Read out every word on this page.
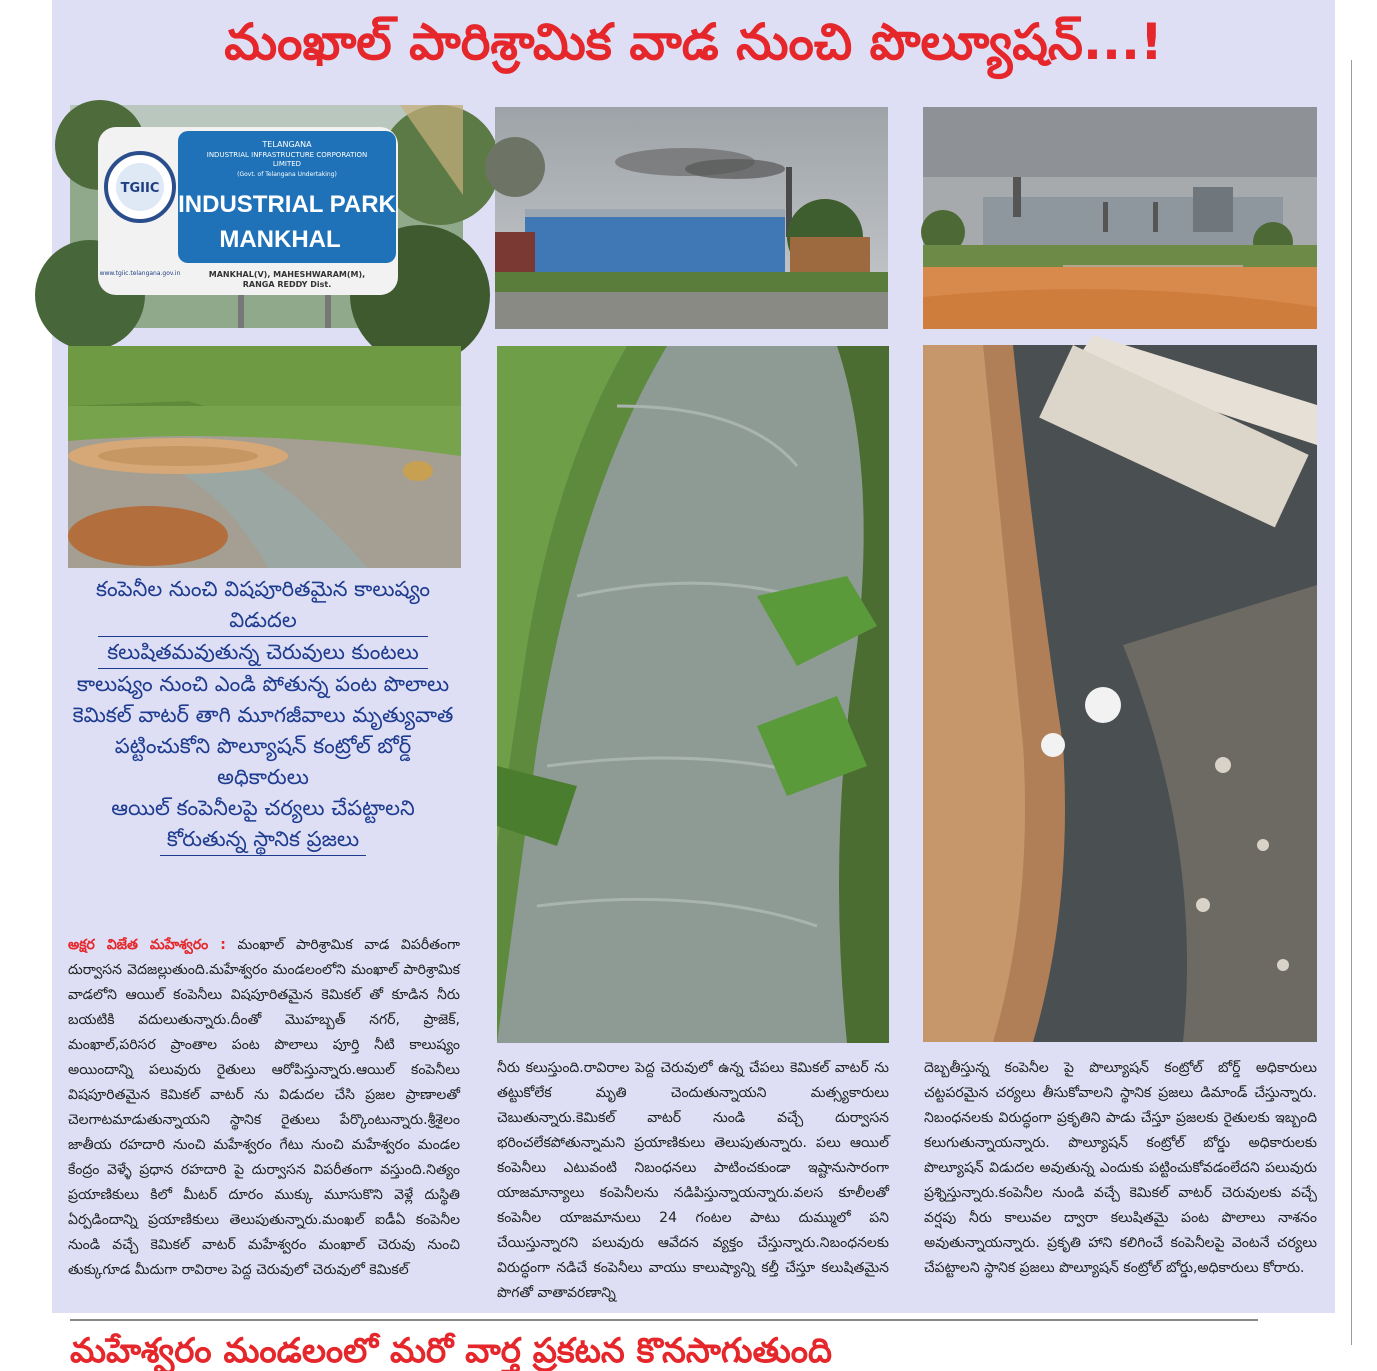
మంఖాల్ పారిశ్రామిక వాడ నుంచి పొల్యూషన్...!
TGIIC
TELANGANA
INDUSTRIAL INFRASTRUCTURE CORPORATION
LIMITED
(Govt. of Telangana Undertaking)
INDUSTRIAL PARK
MANKHAL
www.tgiic.telangana.gov.in	MANKHAL(V), MAHESHWARAM(M),
RANGA REDDY Dist.
కంపెనీల నుంచి విషపూరితమైన కాలుష్యం విడుదల
కలుషితమవుతున్న చెరువులు కుంటలు
కాలుష్యం నుంచి ఎండి పోతున్న పంట పొలాలు
కెమికల్ వాటర్ తాగి మూగజీవాలు మృత్యువాత
పట్టించుకోని పొల్యూషన్ కంట్రోల్ బోర్డ్ అధికారులు
ఆయిల్ కంపెనీలపై చర్యలు చేపట్టాలని కోరుతున్న స్థానిక ప్రజలు

అక్షర విజేత మహేశ్వరం : మంఖాల్ పారిశ్రామిక వాడ విపరీతంగా దుర్వాసన వెదజల్లుతుంది.మహేశ్వరం మండలంలోని మంఖాల్ పారిశ్రామిక వాడలోని ఆయిల్ కంపెనీలు విషపూరితమైన కెమికల్ తో కూడిన నీరు బయటికి వదులుతున్నారు.దీంతో మొహబ్బత్ నగర్, ప్రాజెక్, మంఖాల్,పరిసర ప్రాంతాల పంట పొలాలు పూర్తి నీటి కాలుష్యం అయిందాన్ని పలువురు రైతులు ఆరోపిస్తున్నారు.ఆయిల్ కంపెనీలు విషపూరితమైన కెమికల్ వాటర్ ను విడుదల చేసి ప్రజల ప్రాణాలతో చెలగాటమాడుతున్నాయని స్థానిక రైతులు పేర్కొంటున్నారు.శ్రీశైలం జాతీయ రహదారి నుంచి మహేశ్వరం గేటు నుంచి మహేశ్వరం మండల కేంద్రం వెళ్ళే ప్రధాన రహదారి పై దుర్వాసన విపరీతంగా వస్తుంది.నిత్యం ప్రయాణికులు కిలో మీటర్ దూరం ముక్కు మూసుకొని వెళ్లే దుస్థితి ఏర్పడిందాన్ని ప్రయాణికులు తెలుపుతున్నారు.మంఖల్ ఐడీఏ కంపెనీల నుండి వచ్చే కెమికల్ వాటర్ మహేశ్వరం మంఖాల్ చెరువు నుంచి తుక్కుగూడ మీదుగా రావిరాల పెద్ద చెరువులో చెరువులో కెమికల్

నీరు కలుస్తుంది.రావిరాల పెద్ద చెరువులో ఉన్న చేపలు కెమికల్ వాటర్ ను తట్టుకోలేక మృతి చెందుతున్నాయని మత్స్యకారులు చెబుతున్నారు.కెమికల్ వాటర్ నుండి వచ్చే దుర్వాసన భరించలేకపోతున్నామని ప్రయాణికులు తెలుపుతున్నారు. పలు ఆయిల్ కంపెనీలు ఎటువంటి నిబంధనలు పాటించకుండా ఇష్టానుసారంగా యాజమాన్యాలు కంపెనీలను నడిపిస్తున్నాయన్నారు.వలస కూలీలతో కంపెనీల యాజమానులు 24 గంటల పాటు దుమ్ములో పని చేయిస్తున్నారని పలువురు ఆవేదన వ్యక్తం చేస్తున్నారు.నిబంధనలకు విరుద్ధంగా నడిచే కంపెనీలు వాయు కాలుష్యాన్ని కల్తీ చేస్తూ కలుషితమైన పొగతో వాతావరణాన్ని

దెబ్బతీస్తున్న కంపెనీల పై పొల్యూషన్ కంట్రోల్ బోర్డ్ అధికారులు చట్టపరమైన చర్యలు తీసుకోవాలని స్థానిక ప్రజలు డిమాండ్ చేస్తున్నారు. నిబంధనలకు విరుద్ధంగా ప్రకృతిని పాడు చేస్తూ ప్రజలకు రైతులకు ఇబ్బంది కలుగుతున్నాయన్నారు. పొల్యూషన్ కంట్రోల్ బోర్డు అధికారులకు పొల్యూషన్ విడుదల అవుతున్న ఎందుకు పట్టించుకోవడంలేదని పలువురు ప్రశ్నిస్తున్నారు.కంపెనీల నుండి వచ్చే కెమికల్ వాటర్ చెరువులకు వచ్చే వర్షపు నీరు కాలువల ద్వారా కలుషితమై పంట పొలాలు నాశనం అవుతున్నాయన్నారు. ప్రకృతి హాని కలిగించే కంపెనీలపై వెంటనే చర్యలు చేపట్టాలని స్థానిక ప్రజలు పొల్యూషన్ కంట్రోల్ బోర్డు,అధికారులు కోరారు.

మహేశ్వరం మండలంలో మరో వార్త ప్రకటన కొనసాగుతుంది
